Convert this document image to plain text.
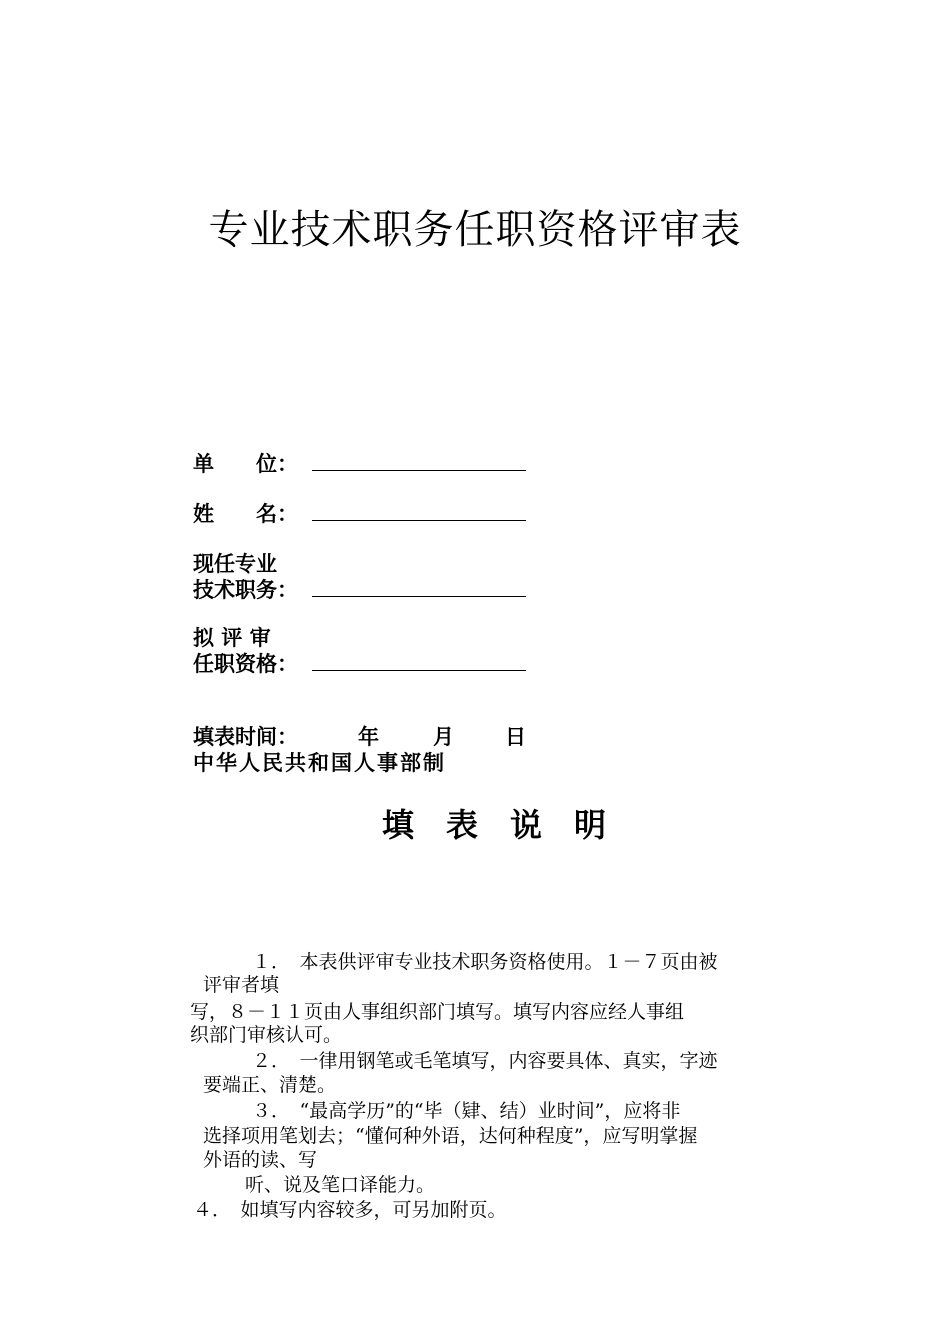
专业技术职务任职资格评审表
单　　位：
姓　　名：
现任专业
技术职务：
拟 评 审
任职资格：
填表时间：	年	月 日
中华人民共和国人事部制
填表说明
１．　本表供评审专业技术职务资格使用。１－７页由被
评审者填
写，８－１１页由人事组织部门填写。填写内容应经人事组
织部门审核认可。
２．　一律用钢笔或毛笔填写，内容要具体、真实，字迹
要端正、清楚。
３．　“最高学历”的“毕（肄、结）业时间”，应将非
选择项用笔划去；“懂何种外语，达何种程度”，应写明掌握
外语的读、写
听、说及笔口译能力。
４．　如填写内容较多，可另加附页。
